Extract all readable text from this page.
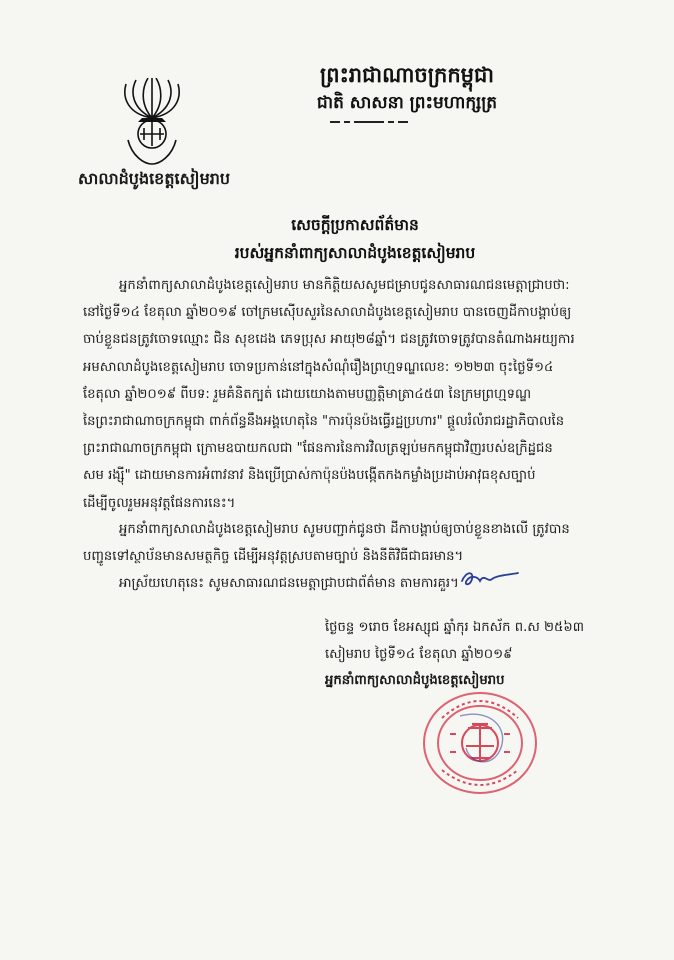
ព្រះរាជាណាចក្រកម្ពុជា
ជាតិ សាសនា ព្រះមហាក្សត្រ
សាលាដំបូងខេត្តសៀមរាប
សេចក្ដីប្រកាសព័ត៌មាន
របស់អ្នកនាំពាក្យសាលាដំបូងខេត្តសៀមរាប
អ្នកនាំពាក្យសាលាដំបូងខេត្តសៀមរាប មានកិត្តិយសសូមជម្រាបជូនសាធារណជនមេត្តាជ្រាបថា:
នៅថ្ងៃទី១៤ ខែតុលា ឆ្នាំ២០១៩ ចៅក្រមស៊ើបសួរនៃសាលាដំបូងខេត្តសៀមរាប បានចេញដីកាបង្គាប់ឲ្យ
ចាប់ខ្លួនជនត្រូវចោទឈ្មោះ ជិន សុខដេង ភេទប្រុស អាយុ២៨ឆ្នាំ។ ជនត្រូវចោទត្រូវបានតំណាងអយ្យការ
អមសាលាដំបូងខេត្តសៀមរាប ចោទប្រកាន់នៅក្នុងសំណុំរឿងព្រហ្មទណ្ឌលេខ: ១២២៣ ចុះថ្ងៃទី១៤
ខែតុលា ឆ្នាំ២០១៩ ពីបទ: រួមគំនិតក្បត់ ដោយយោងតាមបញ្ញត្តិមាត្រា៤៥៣ នៃក្រមព្រហ្មទណ្ឌ
នៃព្រះរាជាណាចក្រកម្ពុជា ពាក់ព័ន្ធនឹងអង្គហេតុនៃ "ការប៉ុនប៉ងធ្វើរដ្ឋប្រហារ" ផ្ដួលរំលំរាជរដ្ឋាភិបាលនៃ
ព្រះរាជាណាចក្រកម្ពុជា ក្រោមឧបាយកលជា "ផែនការនៃការវិលត្រឡប់មកកម្ពុជាវិញរបស់ឧក្រិដ្ឋជន
សម រង្ស៊ី" ដោយមានការអំពាវនាវ និងប្រើប្រាស់កាប៉ុនប៉ងបង្កើតកងកម្លាំងប្រដាប់អាវុធខុសច្បាប់
ដើម្បីចូលរួមអនុវត្តផែនការនេះ។
អ្នកនាំពាក្យសាលាដំបូងខេត្តសៀមរាប សូមបញ្ជាក់ជូនថា ដីកាបង្គាប់ឲ្យចាប់ខ្លួនខាងលើ ត្រូវបាន
បញ្ជូនទៅស្ថាប័នមានសមត្ថកិច្ច ដើម្បីអនុវត្តស្របតាមច្បាប់ និងនីតិវិធីជាធរមាន។
អាស្រ័យហេតុនេះ សូមសាធារណជនមេត្តាជ្រាបជាព័ត៌មាន តាមការគួរ។
ថ្ងៃចន្ទ ១រោច ខែអស្សុជ ឆ្នាំកុរ ឯកស័ក ព.ស ២៥៦៣
សៀមរាប ថ្ងៃទី១៤ ខែតុលា ឆ្នាំ២០១៩
អ្នកនាំពាក្យសាលាដំបូងខេត្តសៀមរាប
